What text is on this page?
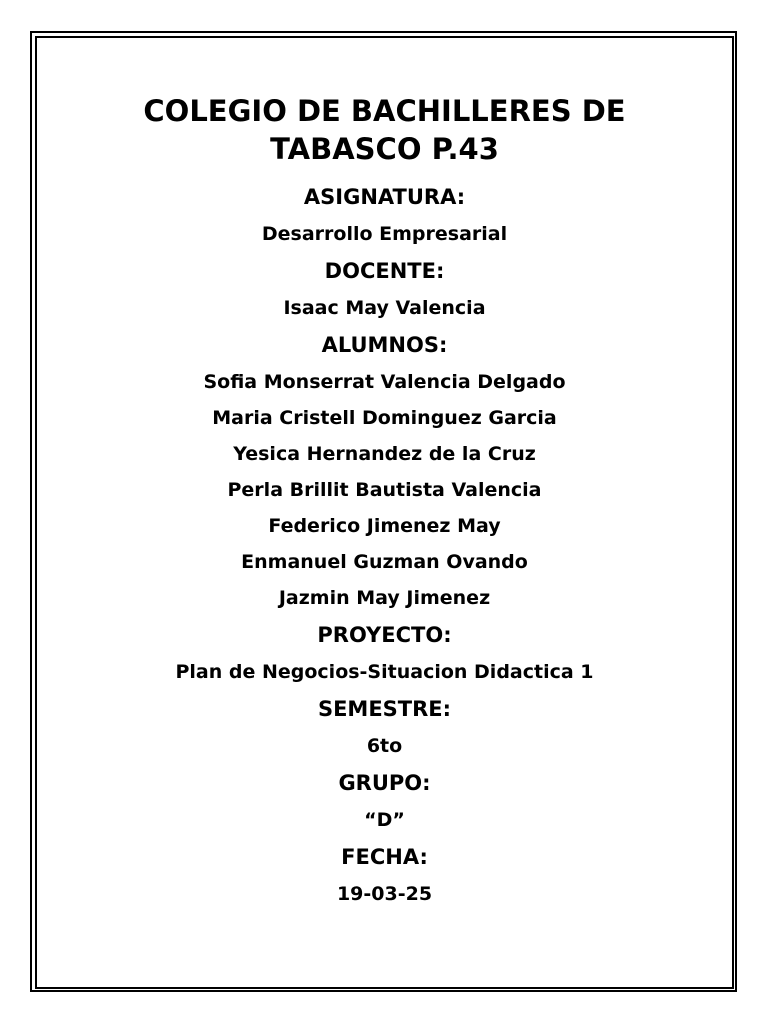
COLEGIO DE BACHILLERES DE
TABASCO P.43
ASIGNATURA:
Desarrollo Empresarial
DOCENTE:
Isaac May Valencia
ALUMNOS:
Sofia Monserrat Valencia Delgado
Maria Cristell Dominguez Garcia
Yesica Hernandez de la Cruz
Perla Brillit Bautista Valencia
Federico Jimenez May
Enmanuel Guzman Ovando
Jazmin May Jimenez
PROYECTO:
Plan de Negocios-Situacion Didactica 1
SEMESTRE:
6to
GRUPO:
“D”
FECHA:
19-03-25
